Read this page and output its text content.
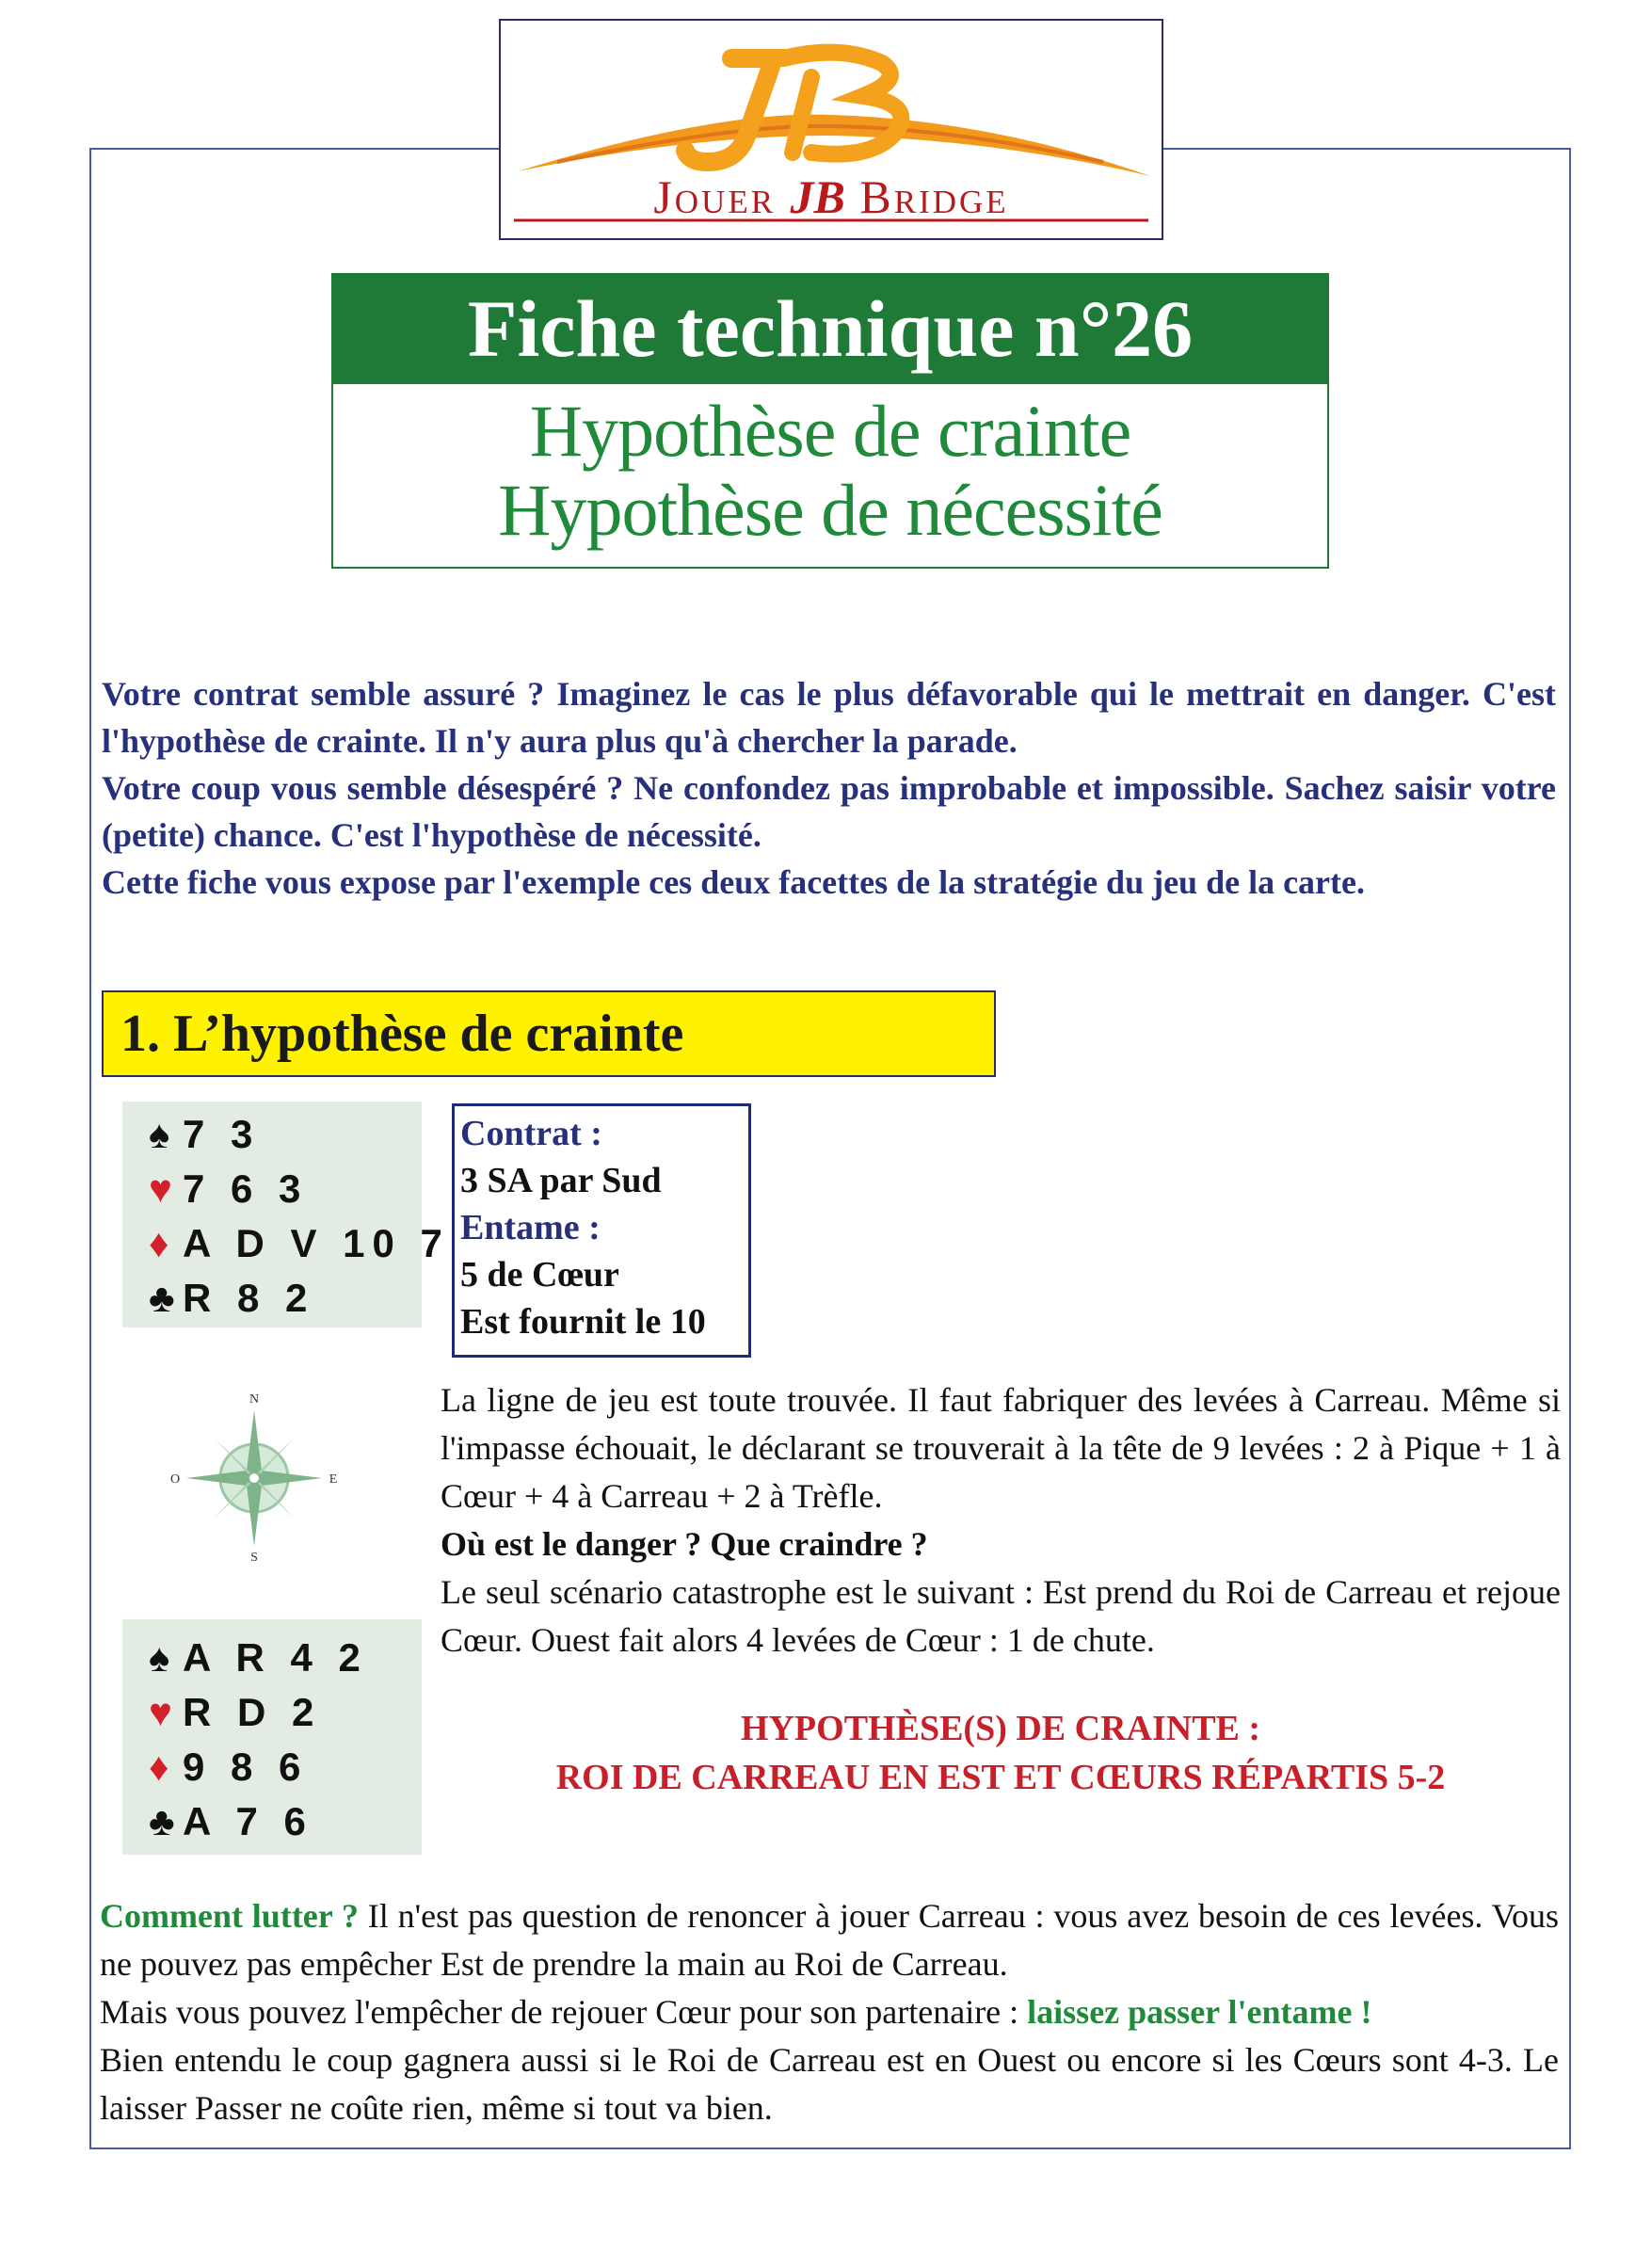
Jouer JB Bridge
Fiche technique n°26
Hypothèse de crainte
Hypothèse de nécessité

Votre contrat semble assuré ? Imaginez le cas le plus défavorable qui le mettrait en danger. C'est l'hypothèse de crainte. Il n'y aura plus qu'à chercher la parade.

Votre coup vous semble désespéré ? Ne confondez pas improbable et impossible. Sachez saisir votre (petite) chance. C'est l'hypothèse de nécessité.

Cette fiche vous expose par l'exemple ces deux facettes de la stratégie du jeu de la carte.

1. L’hypothèse de crainte
♠ 7 3
♥ 7 6 3
♦ A D V 10 7
♣ R 8 2
Contrat :
3 SA par Sud
Entame :
5 de Cœur
Est fournit le 10
N
S
O	E
♠ A R 4 2
♥ R D 2
♦ 9 8 6
♣ A 7 6

La ligne de jeu est toute trouvée. Il faut fabriquer des levées à Carreau. Même si l'impasse échouait, le déclarant se trouverait à la tête de 9 levées : 2 à Pique + 1 à Cœur + 4 à Carreau + 2 à Trèfle.

Où est le danger ? Que craindre ?

Le seul scénario catastrophe est le suivant : Est prend du Roi de Carreau et rejoue Cœur. Ouest fait alors 4 levées de Cœur : 1 de chute.

HYPOTHÈSE(S) DE CRAINTE :
ROI DE CARREAU EN EST ET CŒURS RÉPARTIS 5-2

Comment lutter ? Il n'est pas question de renoncer à jouer Carreau : vous avez besoin de ces levées. Vous ne pouvez pas empêcher Est de prendre la main au Roi de Carreau.

Mais vous pouvez l'empêcher de rejouer Cœur pour son partenaire : laissez passer l'entame !

Bien entendu le coup gagnera aussi si le Roi de Carreau est en Ouest ou encore si les Cœurs sont 4-3. Le laisser Passer ne coûte rien, même si tout va bien.
